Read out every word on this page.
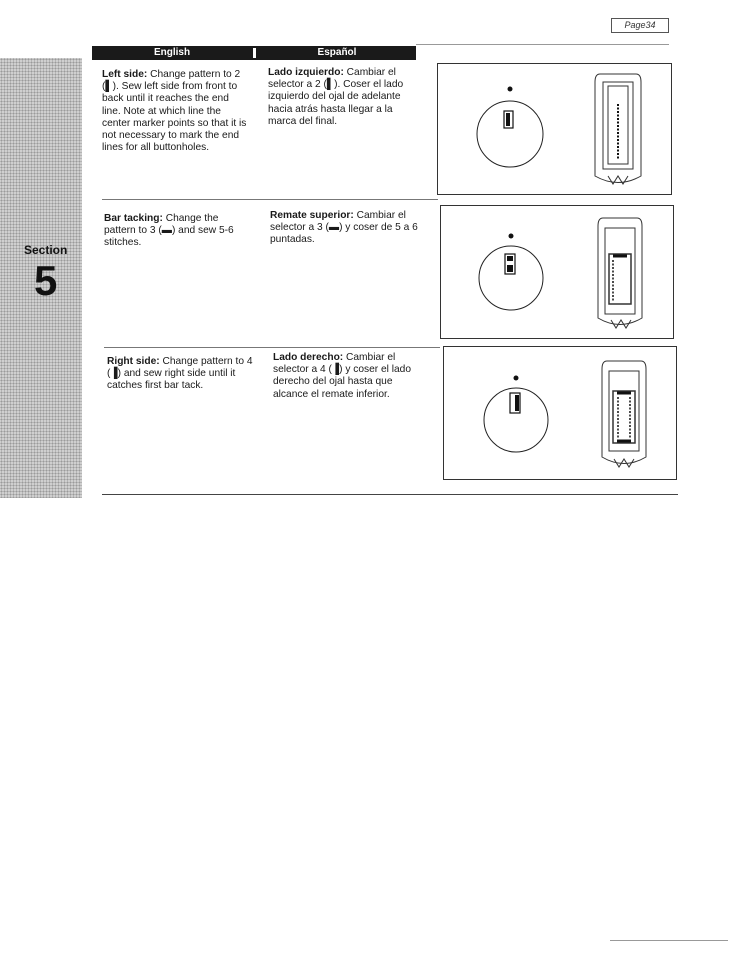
Page34
Section
5
English	Español
Left side: Change pattern to 2 (▌). Sew left side from front to back until it reaches the end line. Note at which line the center marker points so that it is not necessary to mark the end lines for all buttonholes.
Lado izquierdo: Cambiar el selector a 2 (▌). Coser el lado izquierdo del ojal de adelante hacia atrás hasta llegar a la marca del final.
Bar tacking: Change the pattern to 3 (▬) and sew 5-6 stitches.
Remate superior: Cambiar el selector a 3 (▬) y coser de 5 a 6 puntadas.
Right side: Change pattern to 4 (▐) and sew right side until it catches first bar tack.
Lado derecho: Cambiar el selector a 4 (▐) y coser el lado derecho del ojal hasta que alcance el remate inferior.
